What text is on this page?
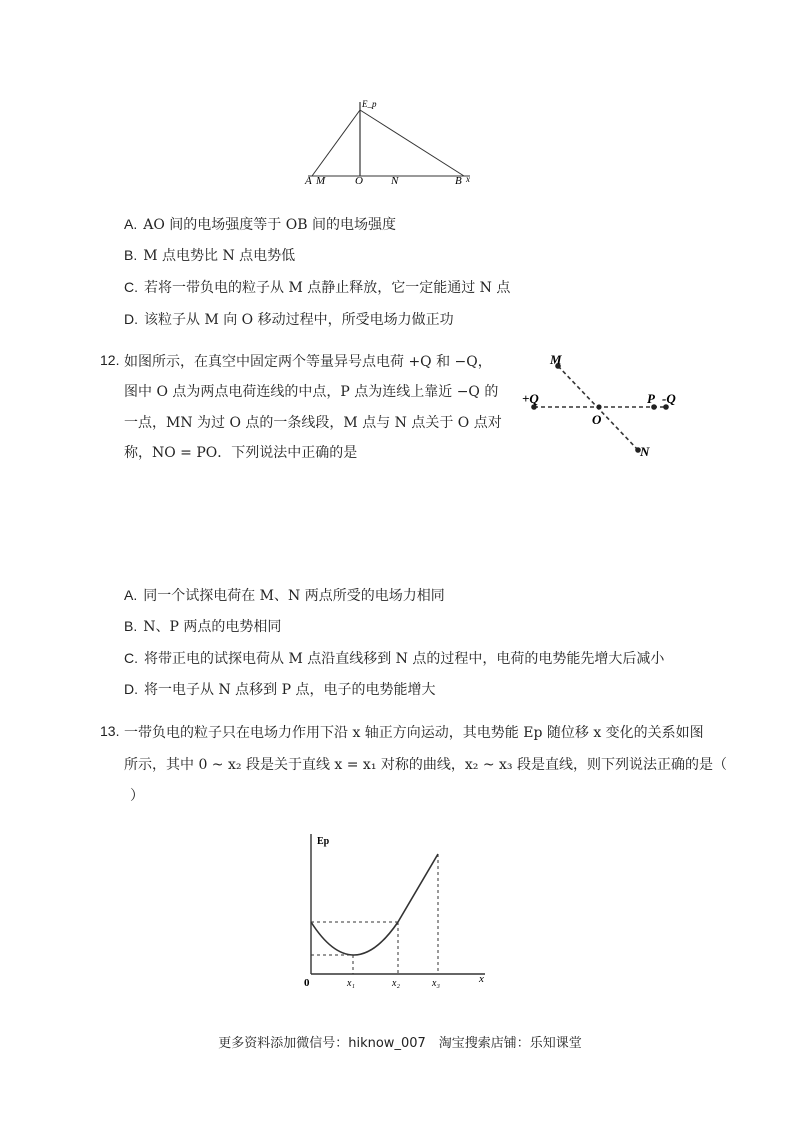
E_p
x
A M	O	N	B
A. AO 间的电场强度等于 OB 间的电场强度
B. M 点电势比 N 点电势低
C. 若将一带负电的粒子从 M 点静止释放，它一定能通过 N 点
D. 该粒子从 M 向 O 移动过程中，所受电场力做正功
12. 如图所示，在真空中固定两个等量异号点电荷 +Q 和 −Q，
图中 O 点为两点电荷连线的中点，P 点为连线上靠近 −Q 的
一点，MN 为过 O 点的一条线段，M 点与 N 点关于 O 点对
称，NO = PO．下列说法中正确的是
M
+Q
O
P -Q
N
A. 同一个试探电荷在 M、N 两点所受的电场力相同
B. N、P 两点的电势相同
C. 将带正电的试探电荷从 M 点沿直线移到 N 点的过程中，电荷的电势能先增大后减小
D. 将一电子从 N 点移到 P 点，电子的电势能增大
13. 一带负电的粒子只在电场力作用下沿 x 轴正方向运动，其电势能 Ep 随位移 x 变化的关系如图
所示，其中 0 ~ x₂ 段是关于直线 x = x₁ 对称的曲线，x₂ ~ x₃ 段是直线，则下列说法正确的是（
）
Ep
x
0	x₁	x₂	x₃
更多资料添加微信号：hiknow_007　淘宝搜索店铺：乐知课堂
